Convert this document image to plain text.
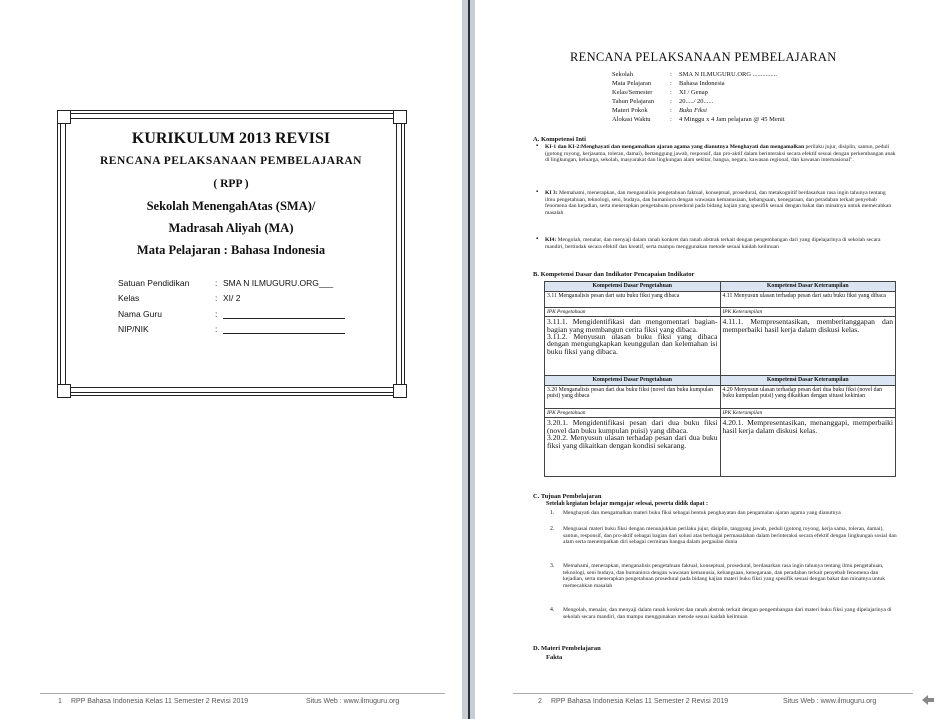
KURIKULUM 2013 REVISI
RENCANA PELAKSANAAN PEMBELAJARAN
( RPP )
Sekolah MenengahAtas (SMA)/
Madrasah Aliyah (MA)
Mata Pelajaran : Bahasa Indonesia
Satuan Pendidikan	: SMA N ILMUGURU.ORG___
Kelas	: XI/ 2
Nama Guru	:
NIP/NIK	:
1 RPP Bahasa Indonesia Kelas 11 Semester 2 Revisi 2019	Situs Web : www.ilmuguru.org
RENCANA PELAKSANAAN PEMBELAJARAN
Sekolah	: SMA N ILMUGURU.ORG ...............
Mata Pelajaran	: Bahasa Indonesia
Kelas/Semester	: XI / Genap
Tahun Pelajaran : 20...../ 20......
Materi Pokok	: Buku Fiksi
Alokasi Waktu	: 4 Minggu x 4 Jam pelajaran @ 45 Menit
A. Kompetensi Inti
▪ KI-1 dan KI-2:Menghayati dan mengamalkan ajaran agama yang dianutnya Menghayati dan mengamalkan perilaku jujur, disiplin, santun, peduli (gotong royong, kerjasama, toleran, damai), bertanggung jawab, responsif, dan pro-aktif dalam berinteraksi secara efektif sesuai dengan perkembangan anak di lingkungan, keluarga, sekolah, masyarakat dan lingkungan alam sekitar, bangsa, negara, kawasan regional, dan kawasan internasional".
▪ KI 3: Memahami, menerapkan, dan menganalisis pengetahuan faktual, konseptual, prosedural, dan metakognitif berdasarkan rasa ingin tahunya tentang ilmu pengetahuan, teknologi, seni, budaya, dan humaniora dengan wawasan kemanusiaan, kebangsaan, kenegaraan, dan peradaban terkait penyebab fenomena dan kejadian, serta menerapkan pengetahuan prosedural pada bidang kajian yang spesifik sesuai dengan bakat dan minatnya untuk memecahkan masalah
▪ KI4: Mengolah, menalar, dan menyaji dalam ranah konkret dan ranah abstrak terkait dengan pengembangan dari yang dipelajarinya di sekolah secara mandiri, bertindak secara efektif dan kreatif, serta mampu menggunakan metode sesuai kaidah keilmuan
B. Kompetensi Dasar dan Indikator Pencapaian Indikator
Kompetensi Dasar Pengetahuan	Kompetensi Dasar Keterampilan
3.11 Menganalisis pesan dari satu buku fiksi yang dibaca	4.11 Menyusun ulasan terhadap pesan dari satu buku fiksi yang dibaca
IPK Pengetahuan	IPK Keterampilan

3.11.1. Mengidentifikasi dan mengomentari bagian-bagian yang membangun cerita fiksi yang dibaca.
3.11.2. Menyusun ulasan buku fiksi yang dibaca dengan mengungkapkan keunggulan dan kelemahan isi buku fiksi yang dibaca.	4.11.1. Mempresentasikan, memberitanggapan dan memperbaiki hasil kerja dalam diskusi kelas.
Kompetensi Dasar Pengetahuan	Kompetensi Dasar Keterampilan
3.20 Menganalisis pesan dari dua buku fiksi (novel dan buku kumpulan puisi) yang dibaca	4.20 Menyusun ulasan terhadap pesan dari dua buku fiksi (novel dan buku kumpulan puisi) yang dikaitkan dengan situasi kekinian
IPK Pengetahuan	IPK Keterampilan

3.20.1. Mengidentifikasi pesan dari dua buku fiksi (novel dan buku kumpulan puisi) yang dibaca.
3.20.2. Menyusun ulasan terhadap pesan dari dua buku fiksi yang dikaitkan dengan kondisi sekarang.	4.20.1. Mempresentasikan, menanggapi, memperbaiki hasil kerja dalam diskusi kelas.
C. Tujuan Pembelajaran
Setelah kegiatan belajar mengajar selesai, peserta didik dapat :
1. Menghayati dan mengamalkan materi buku fiksi sebagai bentuk penghayatan dan pengamalan ajaran agama yang dianutnya
2. Menguasai materi buku fiksi dengan menunjukkan perilaku jujur, disiplin, tanggung jawab, peduli (gotong royong, kerja sama, toleran, damai), santun, responsif, dan pro-aktif sebagai bagian dari solusi atas berbagai permasalahan dalam berinteraksi secara efektif dengan lingkungan sosial dan alam serta menempatkan diri sebagai cerminan bangsa dalam pergaulan dunia
3. Memahami, menerapkan, menganalisis pengetahuan faktual, konseptual, prosedural, berdasarkan rasa ingin tahunya tentang ilmu pengetahuan, teknologi, seni budaya, dan humaniora dengan wawasan kemanusia, kebangsaan, kenegaraan, dan peradaban terkait penyebab fenomena dan kejadian, serta menerapkan pengetahuan prosedural pada bidang kajian materi buku fiksi yang spesifik sesuai dengan bakat dan minatnya untuk memecahkan masalah
4. Mengolah, menalar, dan menyaji dalam ranah konkret dan ranah abstrak terkait dengan pengembangan dari materi buku fiksi yang dipelajarinya di sekolah secara mandiri, dan mampu menggunakan metode sesuai kaidah keilmuan
D. Materi Pembelajaran
Fakta
2 RPP Bahasa Indonesia Kelas 11 Semester 2 Revisi 2019	Situs Web : www.ilmuguru.org
